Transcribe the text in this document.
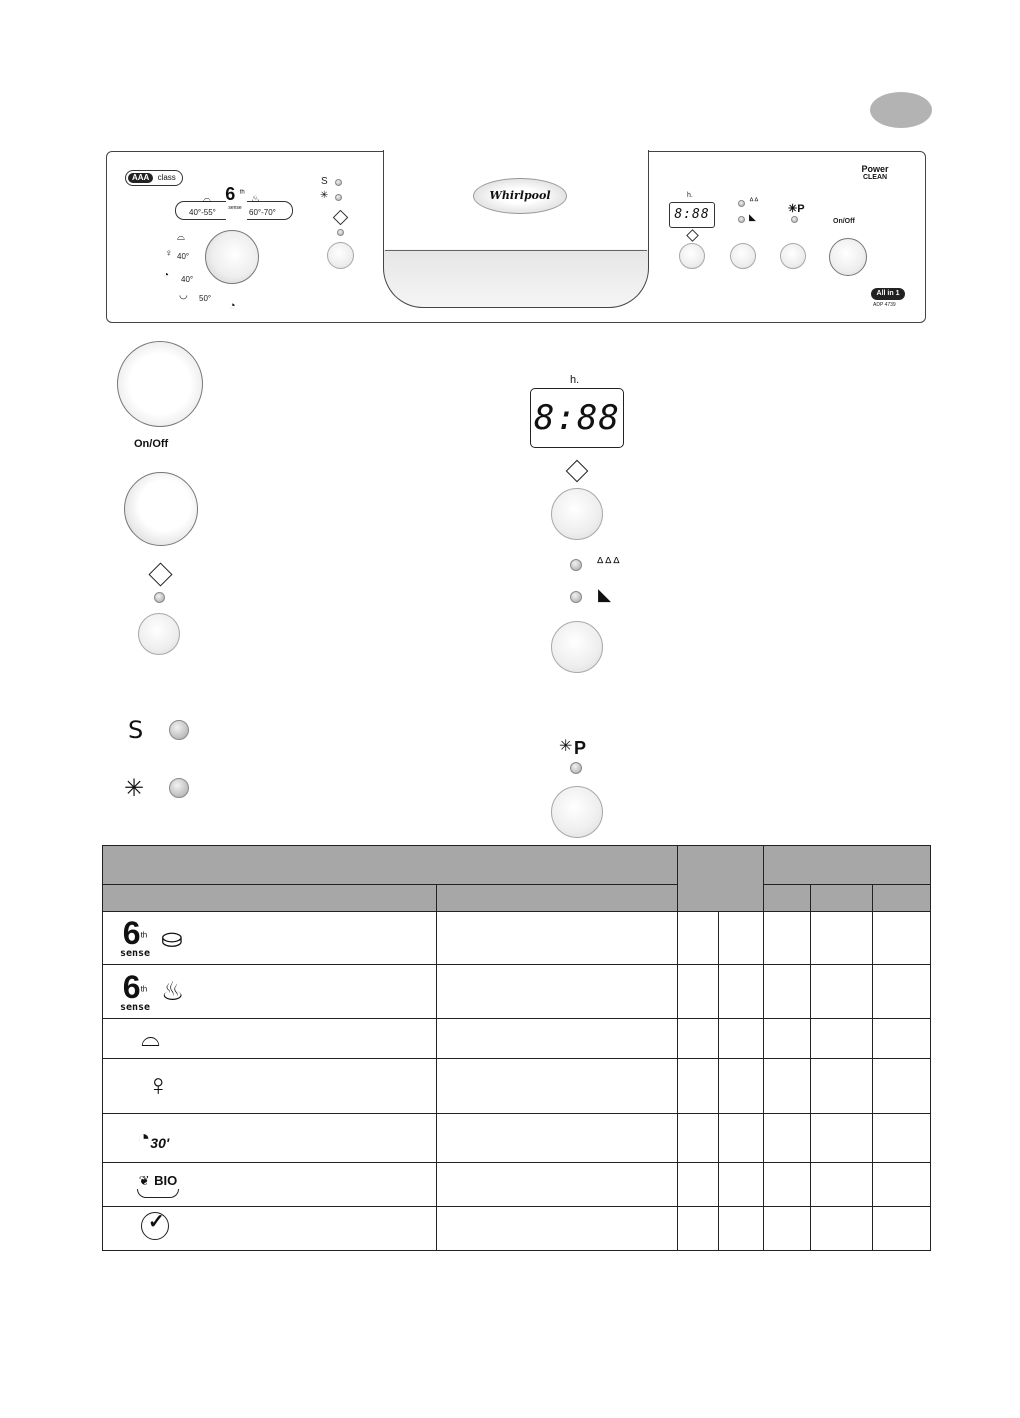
AAA class
6 $^{th}$
sense
40°-55°	60°-70°
⌓	♨
⌓
♀ 40°
◔ 40°
◡ 50°
◔
S
✳	Whirlpool	h.
8:88
ᐞᐞ
◣
✳P
On/Off
Power
CLEAN
All in 1
ADP 4739
On/Off
S
✳
h.
8:88
ᐞᐞᐞ
◣
✳ P

6th
sense
⛀						

6th
sense
♨						

⌓						
♀						

◔ 30'						

❦ BIO

✓						
